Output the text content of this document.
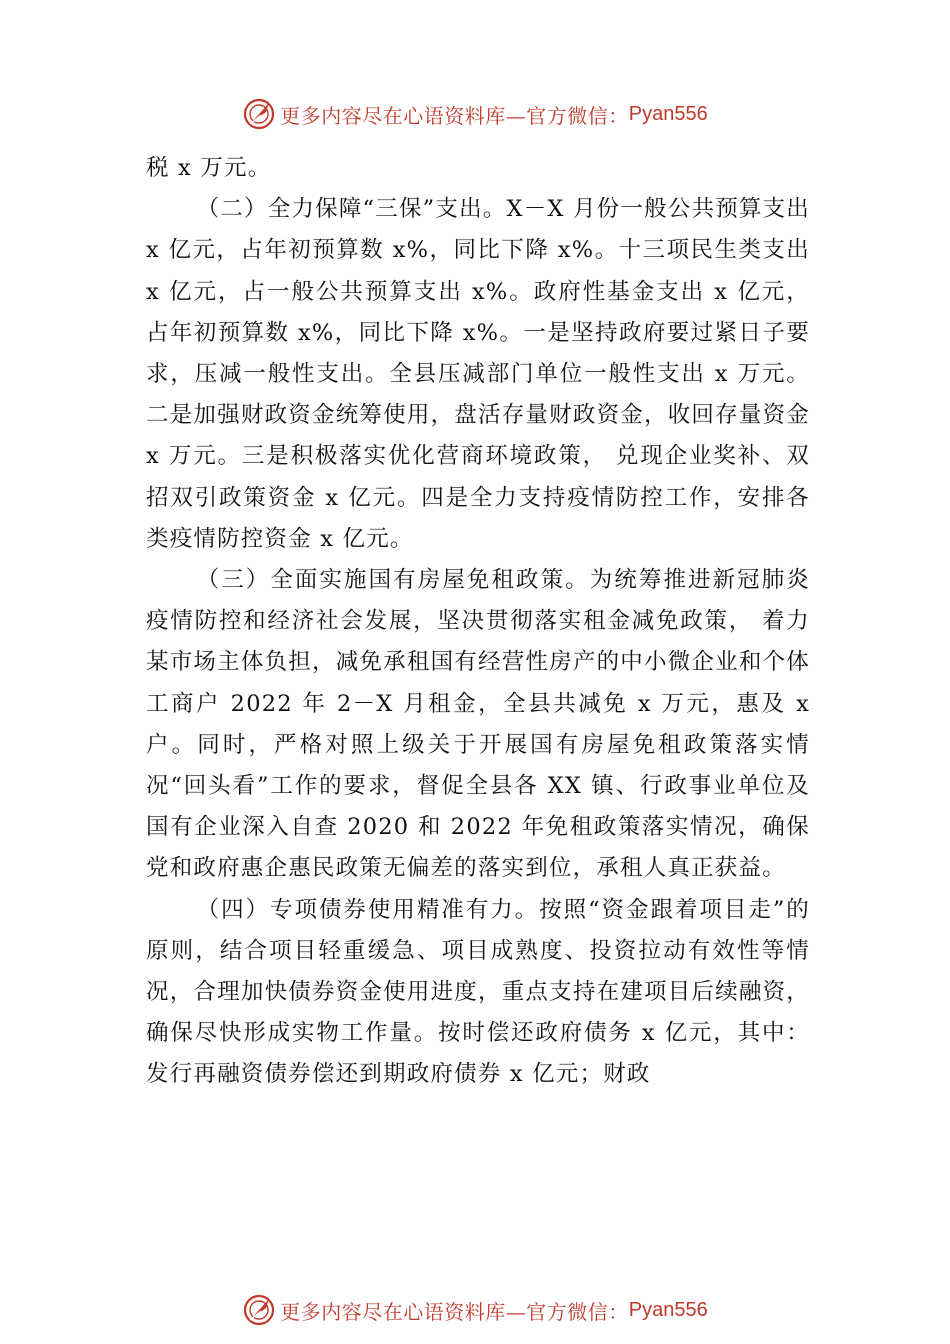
更多内容尽在心语资料库—官方微信： Pyan556

税 x 万元。

（二）全力保障“三保”支出。X－X 月份一般公共预算支出 x 亿元，占年初预算数 x%，同比下降 x%。十三项民生类支出 x 亿元，占一般公共预算支出 x%。政府性基金支出 x 亿元，占年初预算数 x%，同比下降 x%。一是坚持政府要过紧日子要求，压减一般性支出。全县压减部门单位一般性支出 x 万元。二是加强财政资金统筹使用，盘活存量财政资金，收回存量资金 x 万元。三是积极落实优化营商环境政策， 兑现企业奖补、双招双引政策资金 x 亿元。四是全力支持疫情防控工作，安排各类疫情防控资金 x 亿元。

（三）全面实施国有房屋免租政策。为统筹推进新冠肺炎疫情防控和经济社会发展，坚决贯彻落实租金减免政策， 着力某市场主体负担，减免承租国有经营性房产的中小微企业和个体工商户 2022 年 2－X 月租金，全县共减免 x 万元，惠及 x 户。同时，严格对照上级关于开展国有房屋免租政策落实情况“回头看”工作的要求，督促全县各 XX 镇、行政事业单位及国有企业深入自查 2020 和 2022 年免租政策落实情况，确保党和政府惠企惠民政策无偏差的落实到位，承租人真正获益。

（四）专项债券使用精准有力。按照“资金跟着项目走”的原则，结合项目轻重缓急、项目成熟度、投资拉动有效性等情况，合理加快债券资金使用进度，重点支持在建项目后续融资，确保尽快形成实物工作量。按时偿还政府债务 x 亿元，其中：发行再融资债券偿还到期政府债券 x 亿元；财政

更多内容尽在心语资料库—官方微信： Pyan556
